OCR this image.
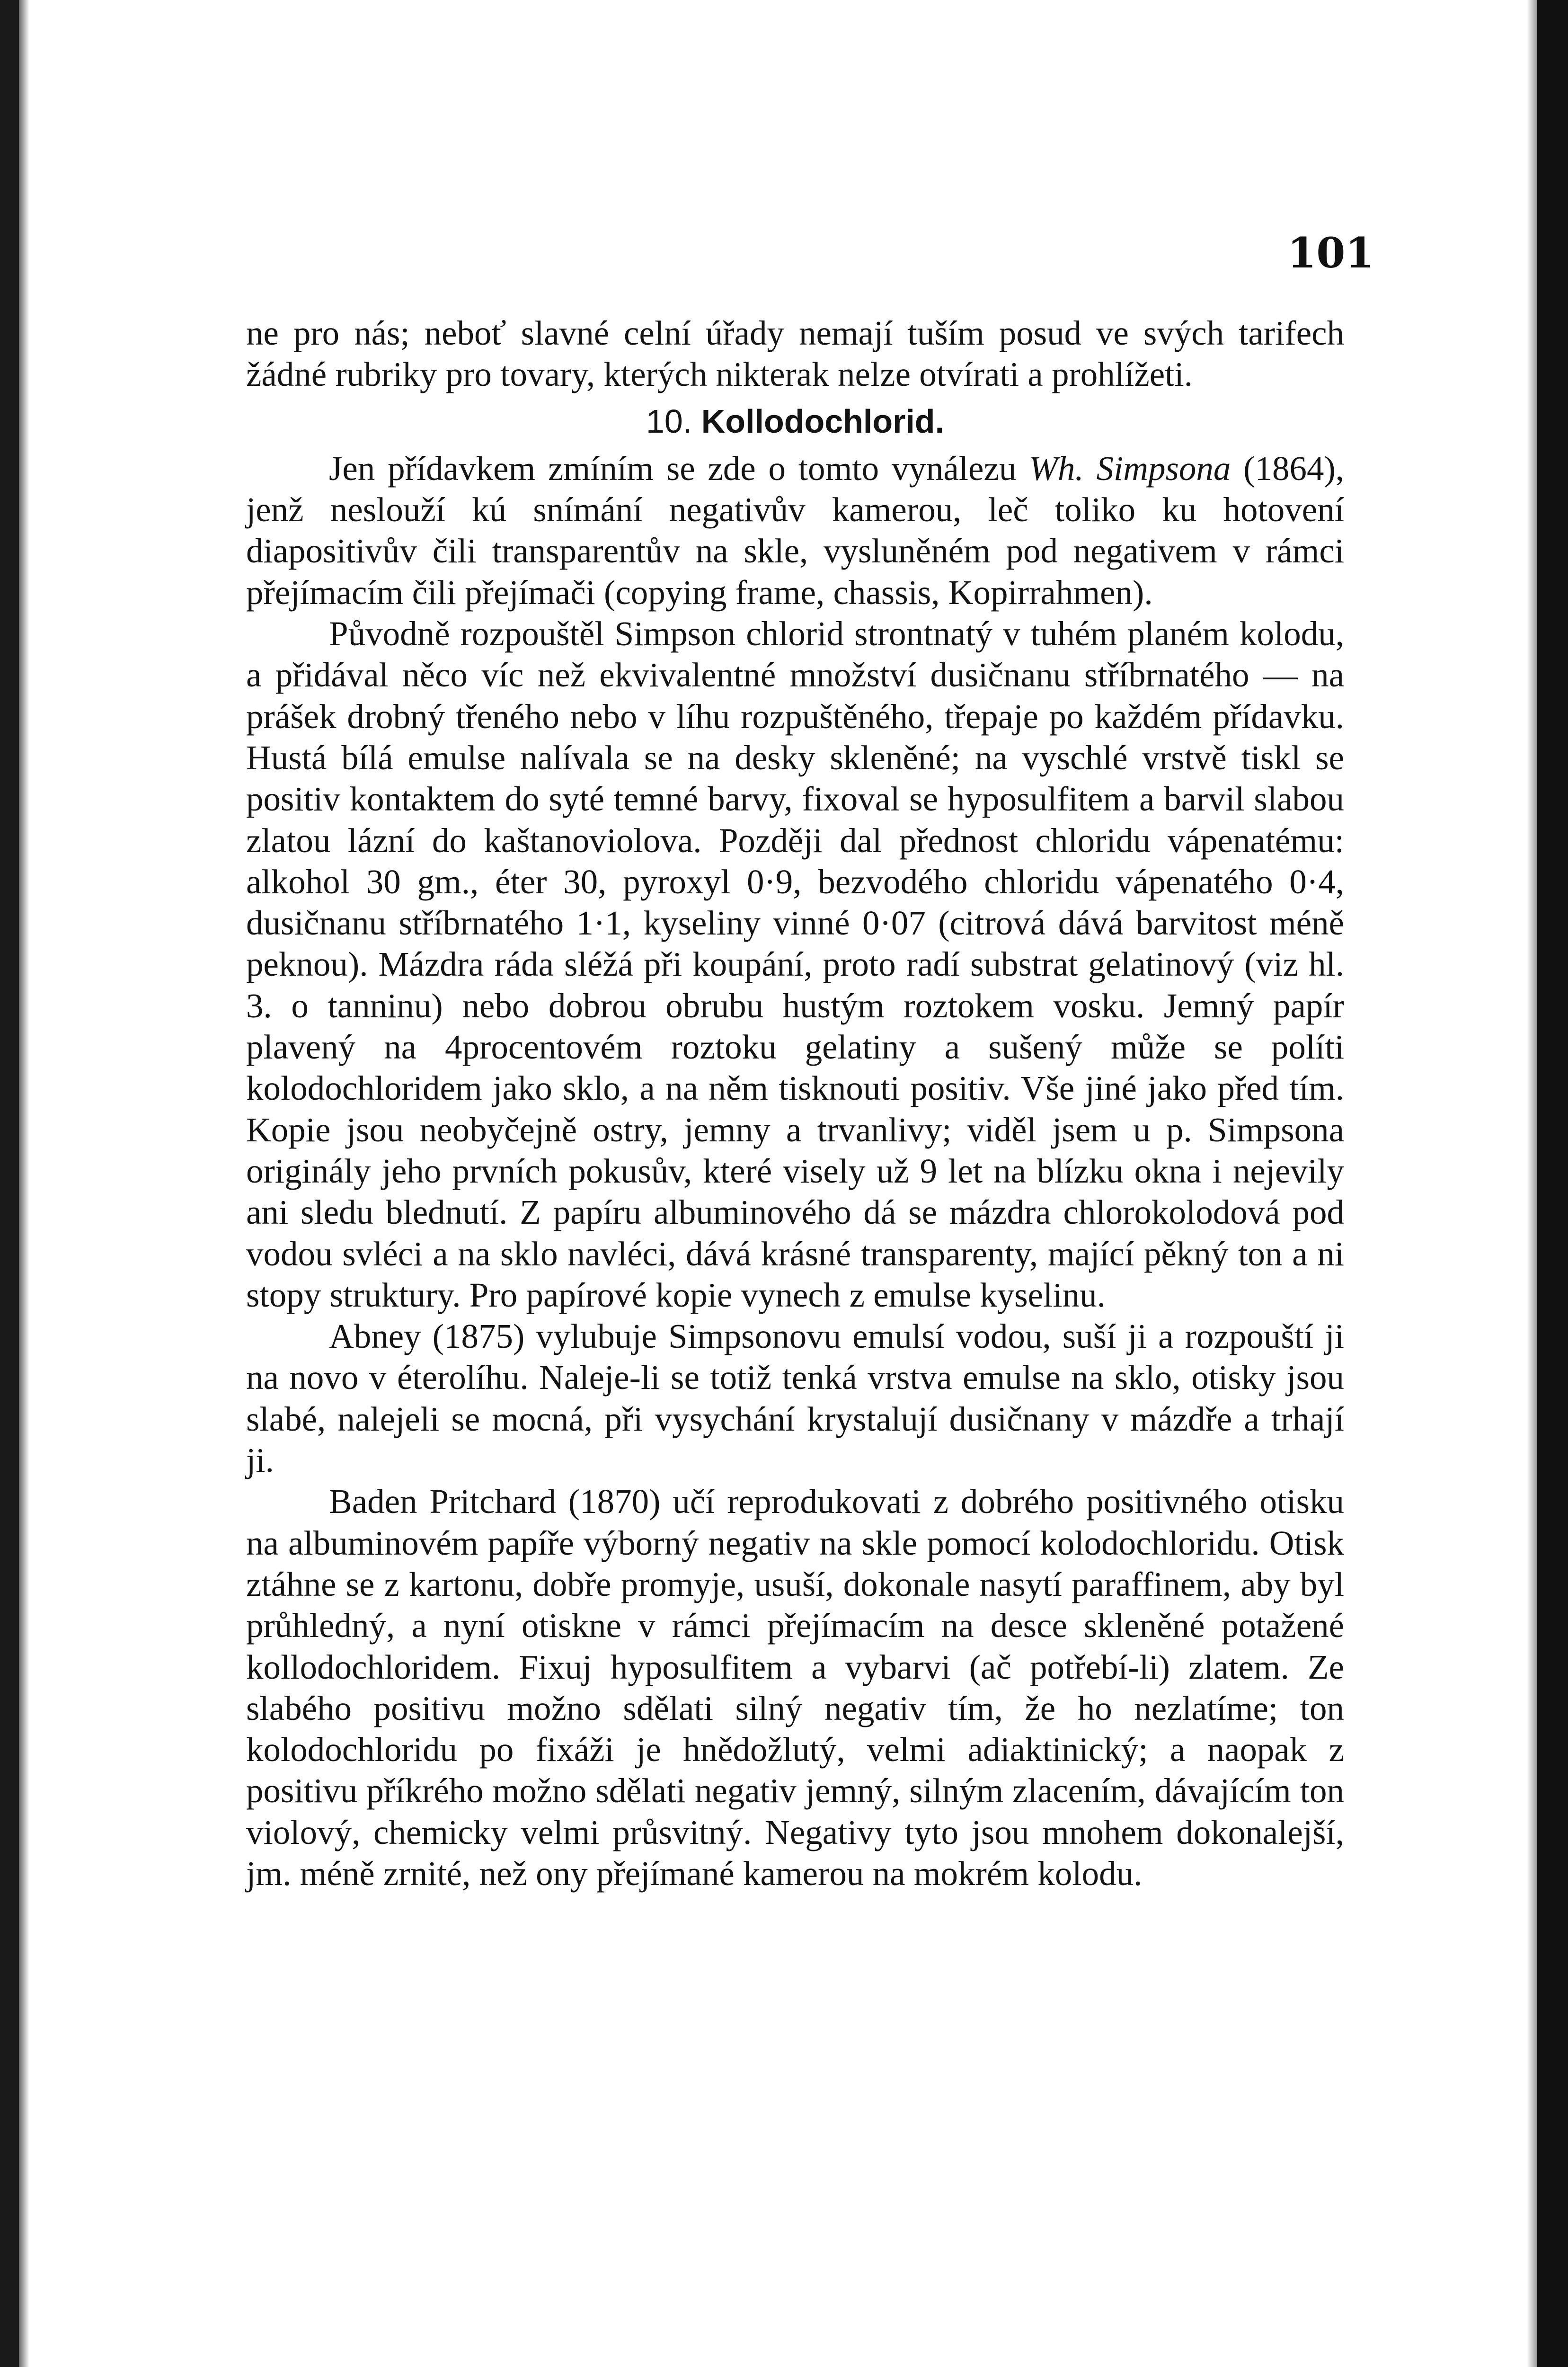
101

ne pro nás; neboť slavné celní úřady nemají tuším posud ve svých tarifech žádné rubriky pro tovary, kterých nikterak nelze otvírati a prohlížeti.

10. Kollodochlorid.

Jen přídavkem zmíním se zde o tomto vynálezu Wh. Simpsona (1864), jenž neslouží kú snímání negativův kamerou, leč toliko ku hotovení diapositivův čili transparentův na skle, vysluněném pod negativem v rámci přejímacím čili přejímači (copying frame, chassis, Kopirrahmen).

Původně rozpouštěl Simpson chlorid strontnatý v tuhém planém kolodu, a přidával něco víc než ekvivalentné množství dusičnanu stříbrnatého — na prášek drobný třeného nebo v líhu rozpuštěného, třepaje po každém přídavku. Hustá bílá emulse nalívala se na desky skleněné; na vyschlé vrstvě tiskl se positiv kontaktem do syté temné barvy, fixoval se hyposulfitem a barvil slabou zlatou lázní do kaštanoviolova. Později dal přednost chloridu vápenatému: alkohol 30 gm., éter 30, pyroxyl 0·9, bezvodého chloridu vápenatého 0·4, dusičnanu stříbrnatého 1·1, kyseliny vinné 0·07 (citrová dává barvitost méně peknou). Mázdra ráda sléžá při koupání, proto radí substrat gelatinový (viz hl. 3. o tanninu) nebo dobrou obrubu hustým roztokem vosku. Jemný papír plavený na 4procentovém roztoku gelatiny a sušený může se políti kolodochloridem jako sklo, a na něm tisknouti positiv. Vše jiné jako před tím. Kopie jsou neobyčejně ostry, jemny a trvanlivy; viděl jsem u p. Simpsona originály jeho prvních pokusův, které visely už 9 let na blízku okna i nejevily ani sledu blednutí. Z papíru albuminového dá se mázdra chlorokolodová pod vodou svléci a na sklo navléci, dává krásné transparenty, mající pěkný ton a ni stopy struktury. Pro papírové kopie vynech z emulse kyselinu.

Abney (1875) vylubuje Simpsonovu emulsí vodou, suší ji a rozpouští ji na novo v éterolíhu. Naleje-li se totiž tenká vrstva emulse na sklo, otisky jsou slabé, nalejeli se mocná, při vysychání krystalují dusičnany v mázdře a trhají ji.

Baden Pritchard (1870) učí reprodukovati z dobrého positivného otisku na albuminovém papíře výborný negativ na skle pomocí kolodochloridu. Otisk ztáhne se z kartonu, dobře promyje, usuší, dokonale nasytí paraffinem, aby byl průhledný, a nyní otiskne v rámci přejímacím na desce skleněné potažené kollodochloridem. Fixuj hyposulfitem a vybarvi (ač potřebí-li) zlatem. Ze slabého positivu možno sdělati silný negativ tím, že ho nezlatíme; ton kolodochloridu po fixáži je hnědožlutý, velmi adiaktinický; a naopak z positivu příkrého možno sdělati negativ jemný, silným zlacením, dávajícím ton violový, chemicky velmi průsvitný. Negativy tyto jsou mnohem dokonalejší, jm. méně zrnité, než ony přejímané kamerou na mokrém kolodu.
